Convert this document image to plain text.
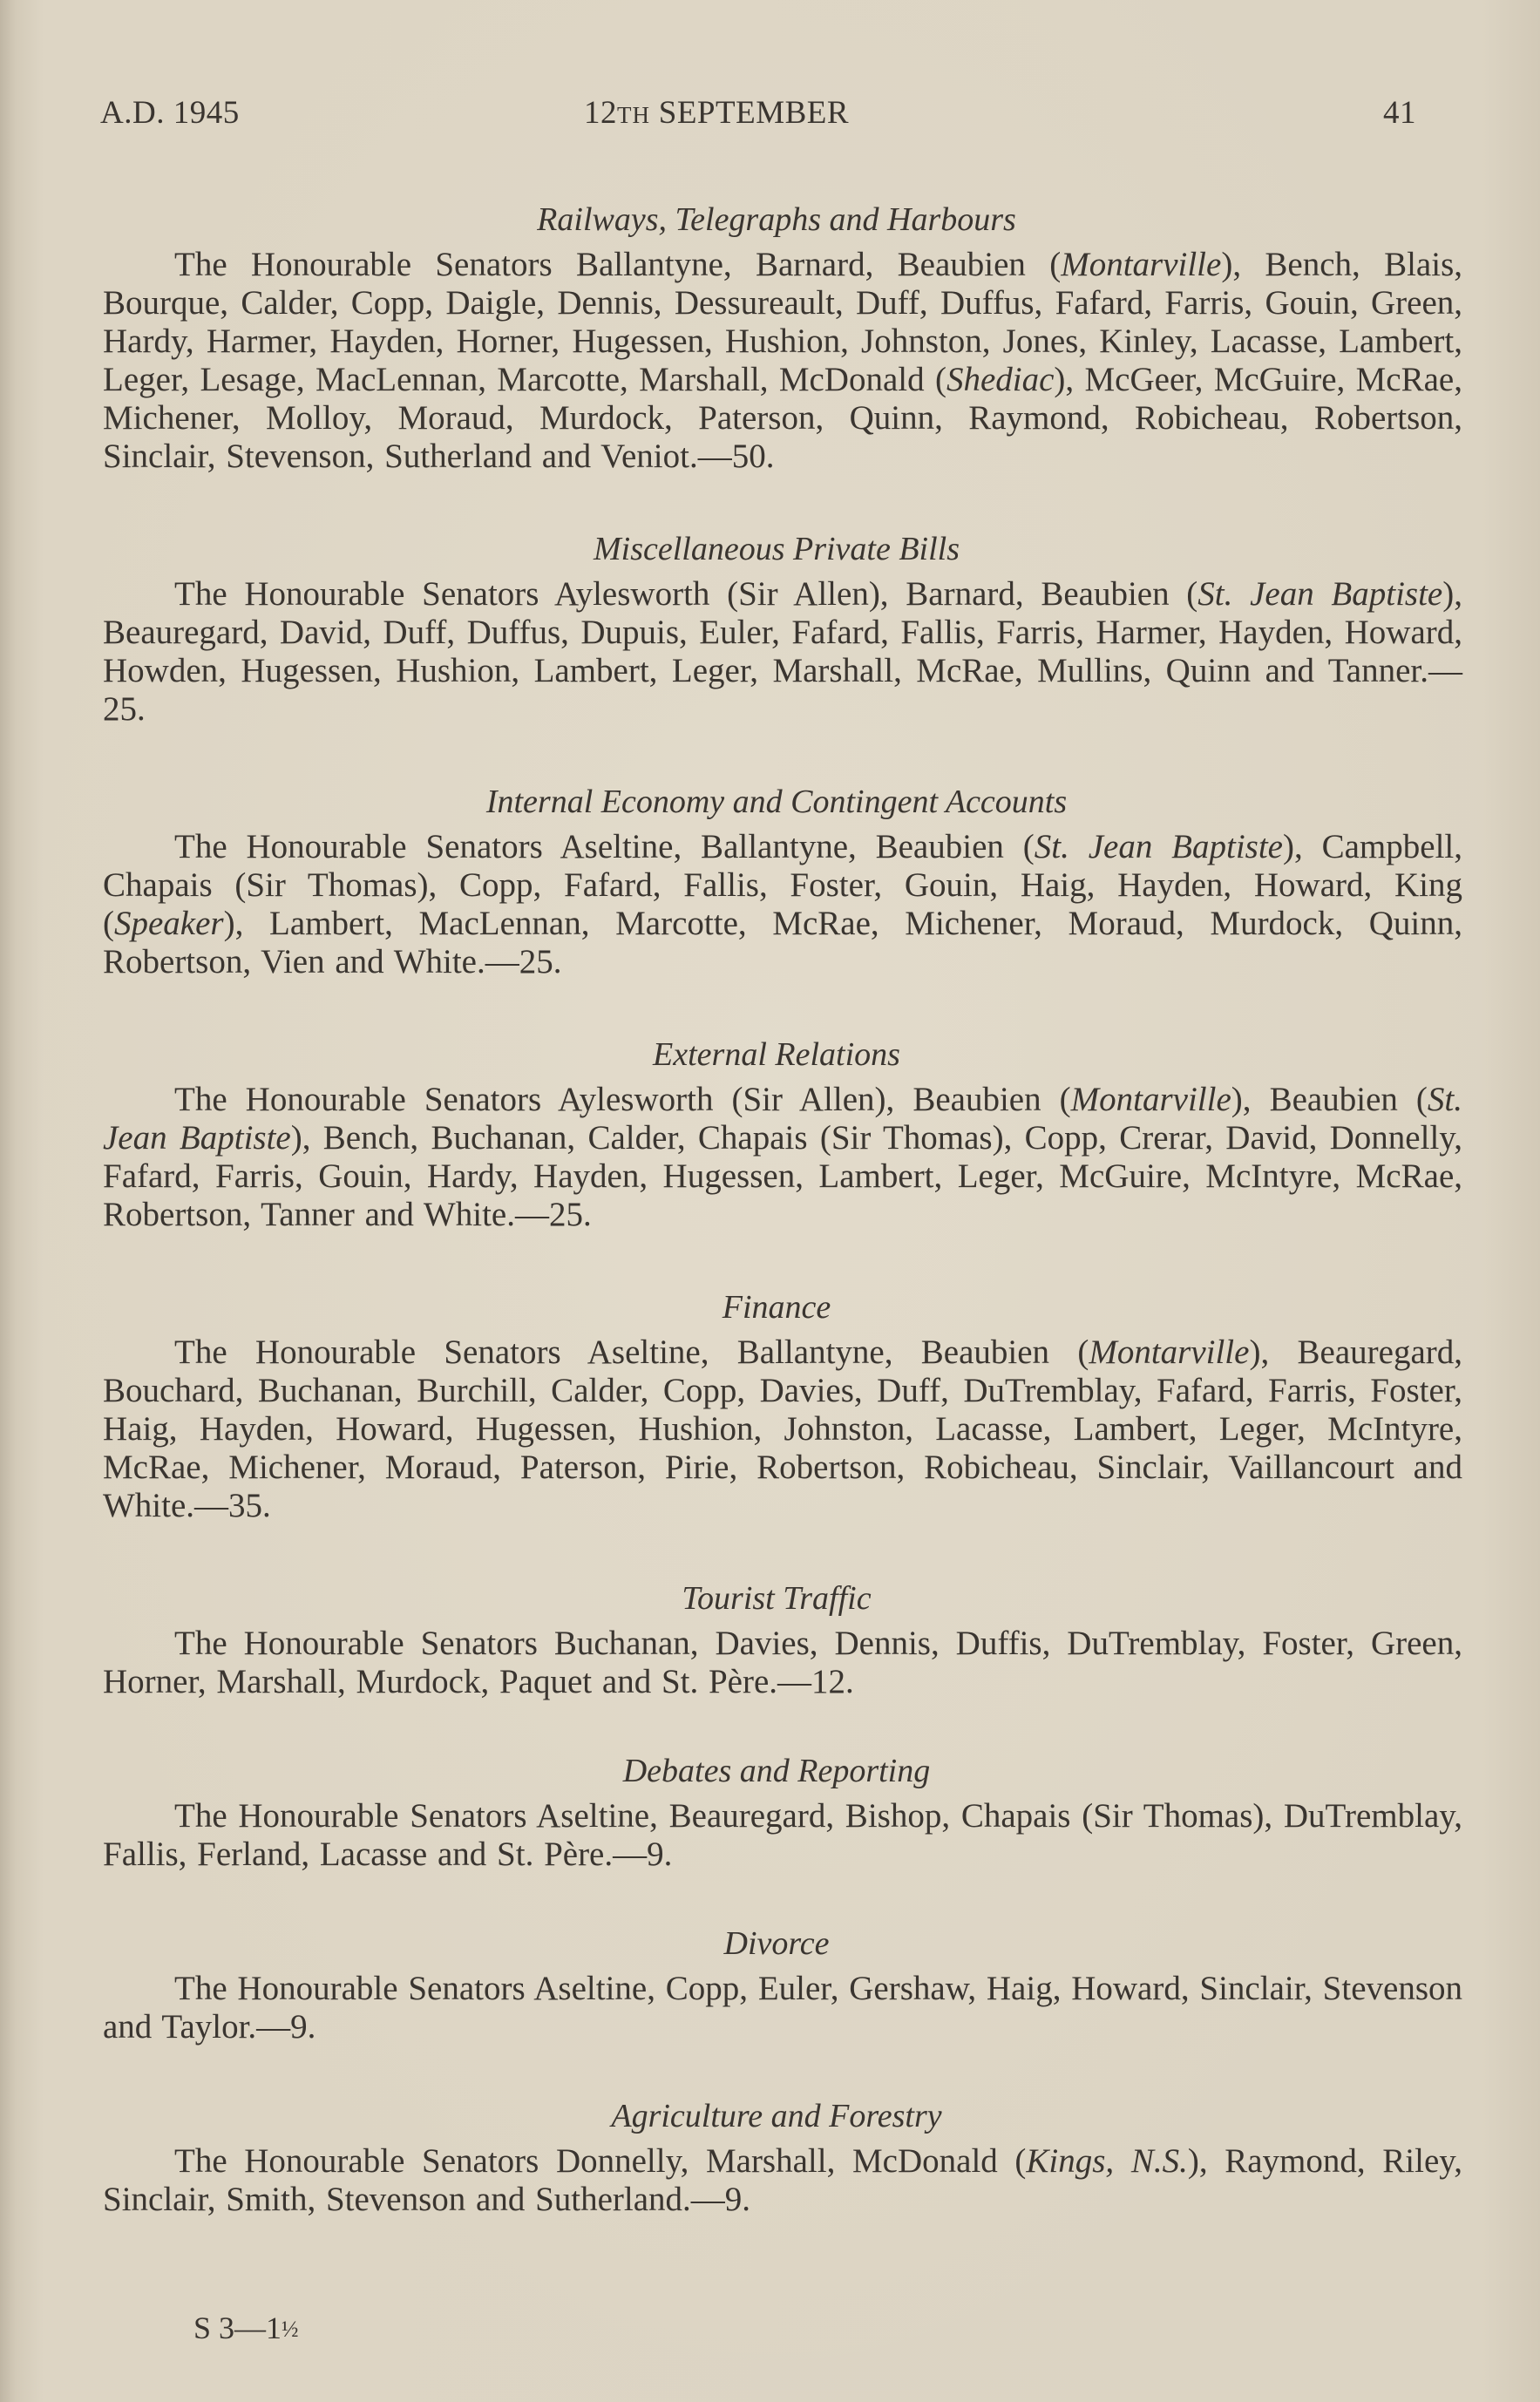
A.D. 1945	12TH SEPTEMBER	41
Railways, Telegraphs and Harbours

The Honourable Senators Ballantyne, Barnard, Beaubien (Montarville), Bench, Blais, Bourque, Calder, Copp, Daigle, Dennis, Dessureault, Duff, Duffus, Fafard, Farris, Gouin, Green, Hardy, Harmer, Hayden, Horner, Hugessen, Hushion, Johnston, Jones, Kinley, Lacasse, Lambert, Leger, Lesage, MacLennan, Marcotte, Marshall, McDonald (Shediac), McGeer, McGuire, McRae, Michener, Molloy, Moraud, Murdock, Paterson, Quinn, Raymond, Robicheau, Robertson, Sinclair, Stevenson, Sutherland and Veniot.—50.

Miscellaneous Private Bills

The Honourable Senators Aylesworth (Sir Allen), Barnard, Beaubien (St. Jean Baptiste), Beauregard, David, Duff, Duffus, Dupuis, Euler, Fafard, Fallis, Farris, Harmer, Hayden, Howard, Howden, Hugessen, Hushion, Lambert, Leger, Marshall, McRae, Mullins, Quinn and Tanner.—25.

Internal Economy and Contingent Accounts

The Honourable Senators Aseltine, Ballantyne, Beaubien (St. Jean Baptiste), Campbell, Chapais (Sir Thomas), Copp, Fafard, Fallis, Foster, Gouin, Haig, Hayden, Howard, King (Speaker), Lambert, MacLennan, Marcotte, McRae, Michener, Moraud, Murdock, Quinn, Robertson, Vien and White.—25.

External Relations

The Honourable Senators Aylesworth (Sir Allen), Beaubien (Montarville), Beaubien (St. Jean Baptiste), Bench, Buchanan, Calder, Chapais (Sir Thomas), Copp, Crerar, David, Donnelly, Fafard, Farris, Gouin, Hardy, Hayden, Hugessen, Lambert, Leger, McGuire, McIntyre, McRae, Robertson, Tanner and White.—25.

Finance

The Honourable Senators Aseltine, Ballantyne, Beaubien (Montarville), Beauregard, Bouchard, Buchanan, Burchill, Calder, Copp, Davies, Duff, DuTremblay, Fafard, Farris, Foster, Haig, Hayden, Howard, Hugessen, Hushion, Johnston, Lacasse, Lambert, Leger, McIntyre, McRae, Michener, Moraud, Paterson, Pirie, Robertson, Robicheau, Sinclair, Vaillancourt and White.—35.

Tourist Traffic

The Honourable Senators Buchanan, Davies, Dennis, Duffis, DuTremblay, Foster, Green, Horner, Marshall, Murdock, Paquet and St. Père.—12.

Debates and Reporting

The Honourable Senators Aseltine, Beauregard, Bishop, Chapais (Sir Thomas), DuTremblay, Fallis, Ferland, Lacasse and St. Père.—9.

Divorce

The Honourable Senators Aseltine, Copp, Euler, Gershaw, Haig, Howard, Sinclair, Stevenson and Taylor.—9.

Agriculture and Forestry

The Honourable Senators Donnelly, Marshall, McDonald (Kings, N.S.), Raymond, Riley, Sinclair, Smith, Stevenson and Sutherland.—9.

S 3—1½
